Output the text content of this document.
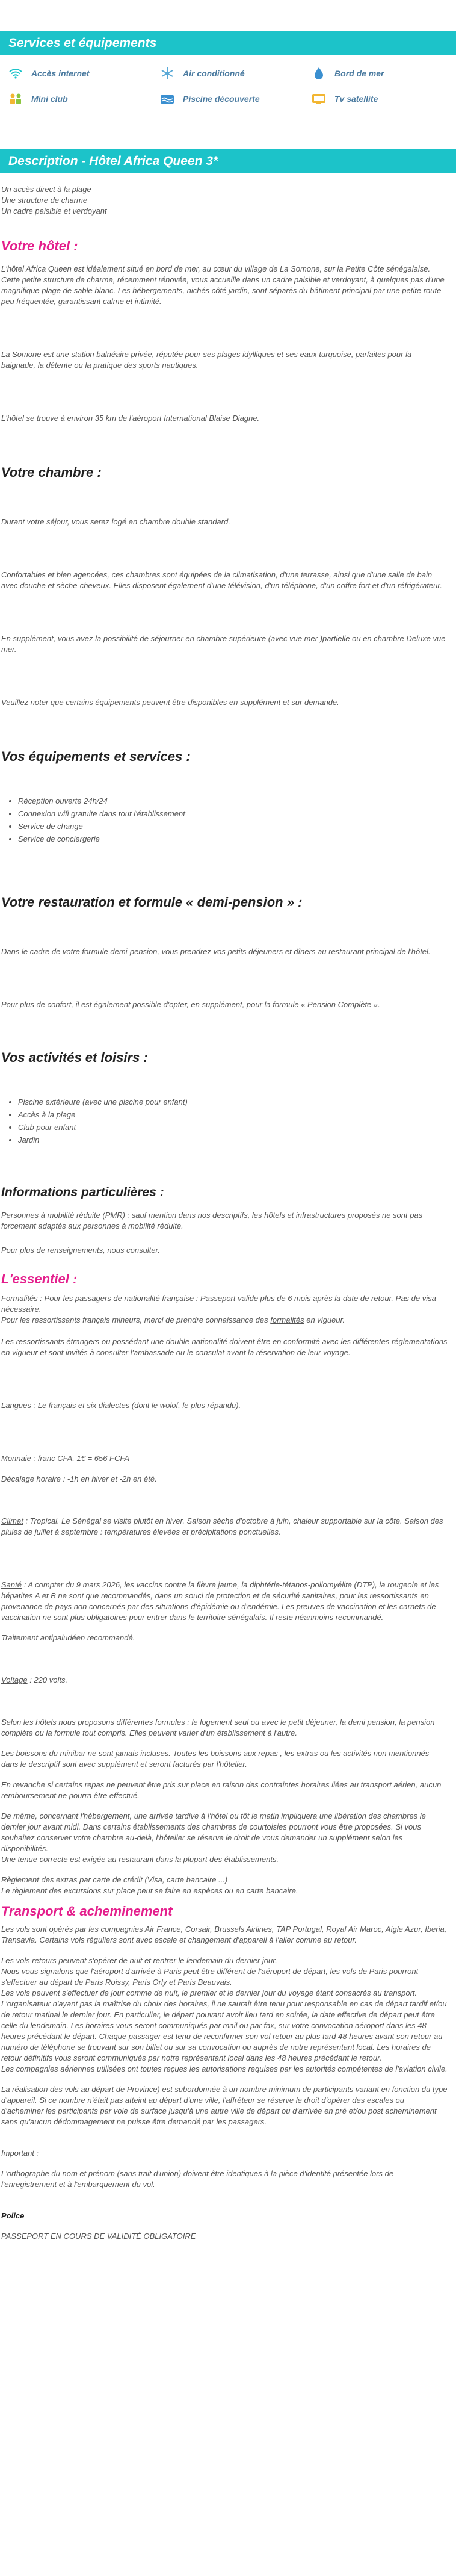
Services et équipements
Accès internet	Air conditionné	Bord de mer
Mini club	Piscine découverte	Tv satellite
Description - Hôtel Africa Queen 3*

Un accès direct à la plage

Une structure de charme

Un cadre paisible et verdoyant

Votre hôtel :

L'hôtel Africa Queen est idéalement situé en bord de mer, au cœur du village de La Somone, sur la Petite Côte sénégalaise. Cette petite structure de charme, récemment rénovée, vous accueille dans un cadre paisible et verdoyant, à quelques pas d'une magnifique plage de sable blanc. Les hébergements, nichés côté jardin, sont séparés du bâtiment principal par une petite route peu fréquentée, garantissant calme et intimité.

La Somone est une station balnéaire privée, réputée pour ses plages idylliques et ses eaux turquoise, parfaites pour la baignade, la détente ou la pratique des sports nautiques.

L'hôtel se trouve à environ 35 km de l'aéroport International Blaise Diagne.

Votre chambre :

Durant votre séjour, vous serez logé en chambre double standard.

Confortables et bien agencées, ces chambres sont équipées de la climatisation, d'une terrasse, ainsi que d'une salle de bain avec douche et sèche-cheveux. Elles disposent également d'une télévision, d'un téléphone, d'un coffre fort et d'un réfrigérateur.

En supplément, vous avez la possibilité de séjourner en chambre supérieure (avec vue mer )partielle ou en chambre Deluxe vue mer.

Veuillez noter que certains équipements peuvent être disponibles en supplément et sur demande.

Vos équipements et services :
• Réception ouverte 24h/24
• Connexion wifi gratuite dans tout l'établissement
• Service de change
• Service de conciergerie
Votre restauration et formule « demi-pension » :

Dans le cadre de votre formule demi-pension, vous prendrez vos petits déjeuners et dîners au restaurant principal de l'hôtel.

Pour plus de confort, il est également possible d'opter, en supplément, pour la formule « Pension Complète ».

Vos activités et loisirs :
• Piscine extérieure (avec une piscine pour enfant)
• Accès à la plage
• Club pour enfant
• Jardin
Informations particulières :

Personnes à mobilité réduite (PMR) : sauf mention dans nos descriptifs, les hôtels et infrastructures proposés ne sont pas forcement adaptés aux personnes à mobilité réduite.

Pour plus de renseignements, nous consulter.

L'essentiel :

Formalités : Pour les passagers de nationalité française : Passeport valide plus de 6 mois après la date de retour. Pas de visa nécessaire.

Pour les ressortissants français mineurs, merci de prendre connaissance des formalités en vigueur.

Les ressortissants étrangers ou possédant une double nationalité doivent être en conformité avec les différentes réglementations en vigueur et sont invités à consulter l'ambassade ou le consulat avant la réservation de leur voyage.

Langues : Le français et six dialectes (dont le wolof, le plus répandu).

Monnaie : franc CFA. 1€ = 656 FCFA

Décalage horaire : -1h en hiver et -2h en été.

Climat : Tropical. Le Sénégal se visite plutôt en hiver. Saison sèche d'octobre à juin, chaleur supportable sur la côte. Saison des pluies de juillet à septembre : températures élevées et précipitations ponctuelles.

Santé : A compter du 9 mars 2026, les vaccins contre la fièvre jaune, la diphtérie-tétanos-poliomyélite (DTP), la rougeole et les hépatites A et B ne sont que recommandés, dans un souci de protection et de sécurité sanitaires, pour les ressortissants en provenance de pays non concernés par des situations d'épidémie ou d'endémie. Les preuves de vaccination et les carnets de vaccination ne sont plus obligatoires pour entrer dans le territoire sénégalais. Il reste néanmoins recommandé.

Traitement antipaludéen recommandé.

Voltage : 220 volts.

Selon les hôtels nous proposons différentes formules : le logement seul ou avec le petit déjeuner, la demi pension, la pension complète ou la formule tout compris. Elles peuvent varier d'un établissement à l'autre.

Les boissons du minibar ne sont jamais incluses. Toutes les boissons aux repas , les extras ou les activités non mentionnés dans le descriptif sont avec supplément et seront facturés par l'hôtelier.

En revanche si certains repas ne peuvent être pris sur place en raison des contraintes horaires liées au transport aérien, aucun remboursement ne pourra être effectué.

De même, concernant l'hébergement, une arrivée tardive à l'hôtel ou tôt le matin impliquera une libération des chambres le dernier jour avant midi. Dans certains établissements des chambres de courtoisies pourront vous être proposées. Si vous souhaitez conserver votre chambre au-delà, l'hôtelier se réserve le droit de vous demander un supplément selon les disponibilités.

Une tenue correcte est exigée au restaurant dans la plupart des établissements.

Règlement des extras par carte de crédit (Visa, carte bancaire ...)

Le règlement des excursions sur place peut se faire en espèces ou en carte bancaire.

Transport & acheminement

Les vols sont opérés par les compagnies Air France, Corsair, Brussels Airlines, TAP Portugal, Royal Air Maroc, Aigle Azur, Iberia, Transavia. Certains vols réguliers sont avec escale et changement d'appareil à l'aller comme au retour.

Les vols retours peuvent s'opérer de nuit et rentrer le lendemain du dernier jour.

Nous vous signalons que l'aéroport d'arrivée à Paris peut être différent de l'aéroport de départ, les vols de Paris pourront s'effectuer au départ de Paris Roissy, Paris Orly et Paris Beauvais.

Les vols peuvent s'effectuer de jour comme de nuit, le premier et le dernier jour du voyage étant consacrés au transport. L'organisateur n'ayant pas la maîtrise du choix des horaires, il ne saurait être tenu pour responsable en cas de départ tardif et/ou de retour matinal le dernier jour. En particulier, le départ pouvant avoir lieu tard en soirée, la date effective de départ peut être celle du lendemain. Les horaires vous seront communiqués par mail ou par fax, sur votre convocation aéroport dans les 48 heures précédant le départ. Chaque passager est tenu de reconfirmer son vol retour au plus tard 48 heures avant son retour au numéro de téléphone se trouvant sur son billet ou sur sa convocation ou auprès de notre représentant local. Les horaires de retour définitifs vous seront communiqués par notre représentant local dans les 48 heures précédant le retour.

Les compagnies aériennes utilisées ont toutes reçues les autorisations requises par les autorités compétentes de l'aviation civile.

La réalisation des vols au départ de Province) est subordonnée à un nombre minimum de participants variant en fonction du type d'appareil. Si ce nombre n'était pas atteint au départ d'une ville, l'affréteur se réserve le droit d'opérer des escales ou d'acheminer les participants par voie de surface jusqu'à une autre ville de départ ou d'arrivée en pré et/ou post acheminement sans qu'aucun dédommagement ne puisse être demandé par les passagers.

Important :

L'orthographe du nom et prénom (sans trait d'union) doivent être identiques à la pièce d'identité présentée lors de l'enregistrement et à l'embarquement du vol.

Police

PASSEPORT EN COURS DE VALIDITÉ OBLIGATOIRE
